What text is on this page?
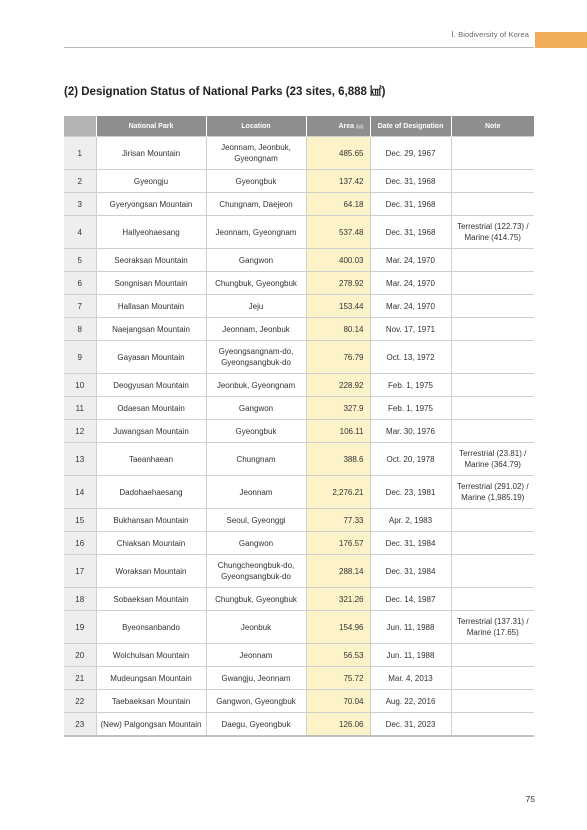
Ⅰ. Biodiversity of Korea
(2) Designation Status of National Parks (23 sites, 6,888 ㎢)
	National Park	Location	Area (㎢)	Date of Designation	Note
1	Jirisan Mountain	Jeonnam, Jeonbuk, Gyeongnam	485.65	Dec. 29, 1967	
2	Gyeongju	Gyeongbuk	137.42	Dec. 31, 1968	
3	Gyeryongsan Mountain	Chungnam, Daejeon	64.18	Dec. 31, 1968	
4	Hallyeohaesang	Jeonnam, Gyeongnam	537.48	Dec. 31, 1968	Terrestrial (122.73) / Marine (414.75)
5	Seoraksan Mountain	Gangwon	400.03	Mar. 24, 1970	
6	Songnisan Mountain	Chungbuk, Gyeongbuk	278.92	Mar. 24, 1970	
7	Hallasan Mountain	Jeju	153.44	Mar. 24, 1970	
8	Naejangsan Mountain	Jeonnam, Jeonbuk	80.14	Nov. 17, 1971	
9	Gayasan Mountain	Gyeongsangnam-do, Gyeongsangbuk-do	76.79	Oct. 13, 1972	
10	Deogyusan Mountain	Jeonbuk, Gyeongnam	228.92	Feb. 1, 1975	
11	Odaesan Mountain	Gangwon	327.9	Feb. 1, 1975	
12	Juwangsan Mountain	Gyeongbuk	106.11	Mar. 30, 1976	
13	Taeanhaean	Chungnam	388.6	Oct. 20, 1978	Terrestrial (23.81) / Marine (364.79)
14	Dadohaehaesang	Jeonnam	2,276.21	Dec. 23, 1981	Terrestrial (291.02) / Marine (1,985.19)
15	Bukhansan Mountain	Seoul, Gyeonggi	77.33	Apr. 2, 1983	
16	Chiaksan Mountain	Gangwon	176.57	Dec. 31, 1984	
17	Woraksan Mountain	Chungcheongbuk-do, Gyeongsangbuk-do	288.14	Dec. 31, 1984	
18	Sobaeksan Mountain	Chungbuk, Gyeongbuk	321.26	Dec. 14, 1987	
19	Byeonsanbando	Jeonbuk	154.96	Jun. 11, 1988	Terrestrial (137.31) / Marine (17.65)
20	Wolchulsan Mountain	Jeonnam	56.53	Jun. 11, 1988	
21	Mudeungsan Mountain	Gwangju, Jeonnam	75.72	Mar. 4, 2013	
22	Taebaeksan Mountain	Gangwon, Gyeongbuk	70.04	Aug. 22, 2016	
23	(New) Palgongsan Mountain	Daegu, Gyeongbuk	126.06	Dec. 31, 2023	
75
